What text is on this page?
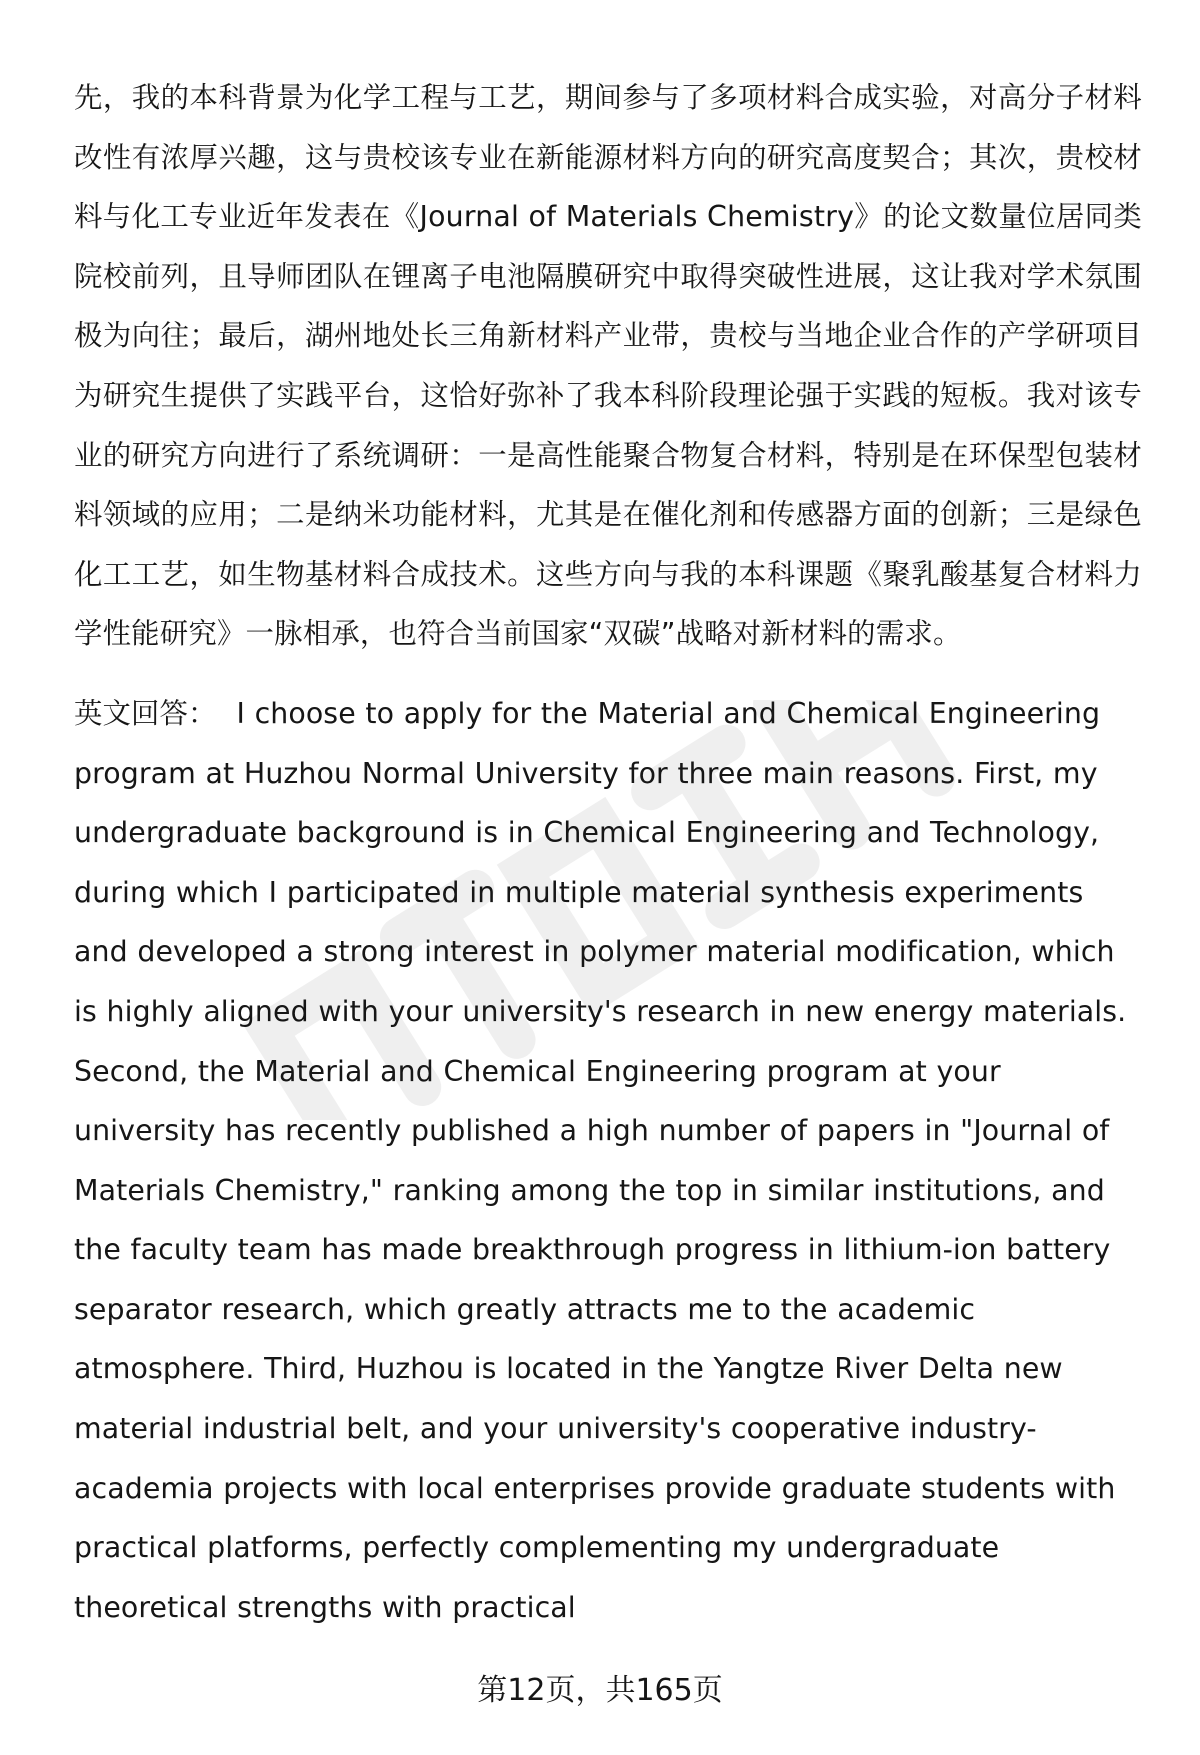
先，我的本科背景为化学工程与工艺，期间参与了多项材料合成实验，对高分子材料改性有浓厚兴趣，这与贵校该专业在新能源材料方向的研究高度契合；其次，贵校材料与化工专业近年发表在《Journal of Materials Chemistry》的论文数量位居同类院校前列，且导师团队在锂离子电池隔膜研究中取得突破性进展，这让我对学术氛围极为向往；最后，湖州地处长三角新材料产业带，贵校与当地企业合作的产学研项目为研究生提供了实践平台，这恰好弥补了我本科阶段理论强于实践的短板。我对该专业的研究方向进行了系统调研：一是高性能聚合物复合材料，特别是在环保型包装材料领域的应用；二是纳米功能材料，尤其是在催化剂和传感器方面的创新；三是绿色化工工艺，如生物基材料合成技术。这些方向与我的本科课题《聚乳酸基复合材料力学性能研究》一脉相承，也符合当前国家“双碳”战略对新材料的需求。

英文回答： I choose to apply for the Material and Chemical Engineering program at Huzhou Normal University for three main reasons. First, my undergraduate background is in Chemical Engineering and Technology, during which I participated in multiple material synthesis experiments and developed a strong interest in polymer material modification, which is highly aligned with your university's research in new energy materials. Second, the Material and Chemical Engineering program at your university has recently published a high number of papers in "Journal of Materials Chemistry," ranking among the top in similar institutions, and the faculty team has made breakthrough progress in lithium-ion battery separator research, which greatly attracts me to the academic atmosphere. Third, Huzhou is located in the Yangtze River Delta new material industrial belt, and your university's cooperative industry-academia projects with local enterprises provide graduate students with practical platforms, perfectly complementing my undergraduate theoretical strengths with practical

第12页，共165页
